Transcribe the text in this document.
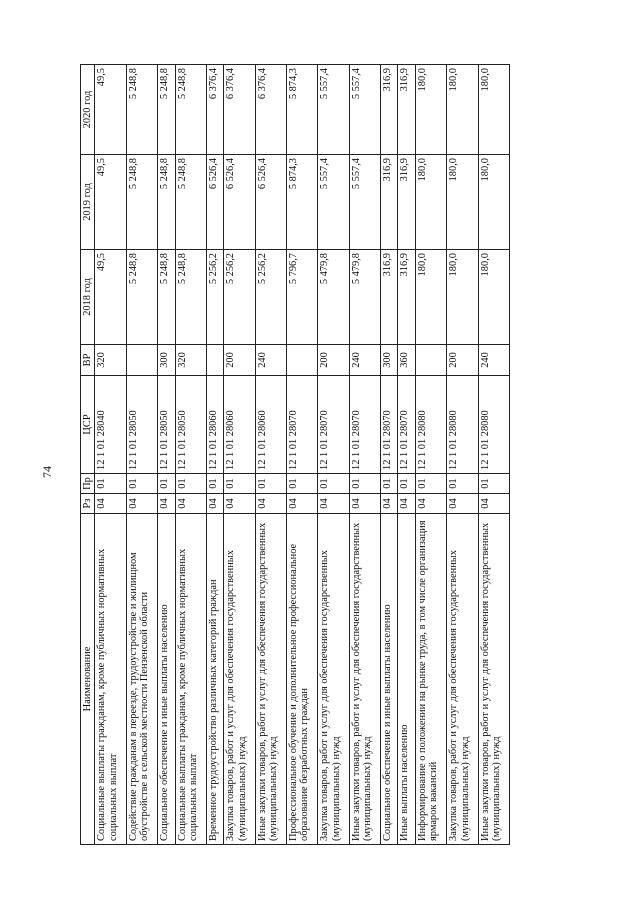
74
Наименование	Рз	Пр	ЦСР	ВР	2018 год	2019 год	2020 год
Социальные выплаты гражданам, кроме публичных нормативных социальных выплат	04	01	12 1 01 28040	320	49,5	49,5	49,5
Содействие гражданам в переезде, трудоустройстве и жилищном обустройстве в сельской местности Пензенской области	04	01	12 1 01 28050		5 248,8	5 248,8	5 248,8
Социальное обеспечение и иные выплаты населению	04	01	12 1 01 28050	300	5 248,8	5 248,8	5 248,8
Социальные выплаты гражданам, кроме публичных нормативных социальных выплат	04	01	12 1 01 28050	320	5 248,8	5 248,8	5 248,8
Временное трудоустройство различных категорий граждан	04	01	12 1 01 28060		5 256,2	6 526,4	6 376,4
Закупка товаров, работ и услуг для обеспечения государственных (муниципальных) нужд	04	01	12 1 01 28060	200	5 256,2	6 526,4	6 376,4
Иные закупки товаров, работ и услуг для обеспечения государственных (муниципальных) нужд	04	01	12 1 01 28060	240	5 256,2	6 526,4	6 376,4
Профессиональное обучение и дополнительное профессиональное образование безработных граждан	04	01	12 1 01 28070		5 796,7	5 874,3	5 874,3
Закупка товаров, работ и услуг для обеспечения государственных (муниципальных) нужд	04	01	12 1 01 28070	200	5 479,8	5 557,4	5 557,4
Иные закупки товаров, работ и услуг для обеспечения государственных (муниципальных) нужд	04	01	12 1 01 28070	240	5 479,8	5 557,4	5 557,4
Социальное обеспечение и иные выплаты населению	04	01	12 1 01 28070	300	316,9	316,9	316,9
Иные выплаты населению	04	01	12 1 01 28070	360	316,9	316,9	316,9
Информирование о положении на рынке труда, в том числе организация ярмарок вакансий	04	01	12 1 01 28080		180,0	180,0	180,0
Закупка товаров, работ и услуг для обеспечения государственных (муниципальных) нужд	04	01	12 1 01 28080	200	180,0	180,0	180,0
Иные закупки товаров, работ и услуг для обеспечения государственных (муниципальных) нужд	04	01	12 1 01 28080	240	180,0	180,0	180,0
